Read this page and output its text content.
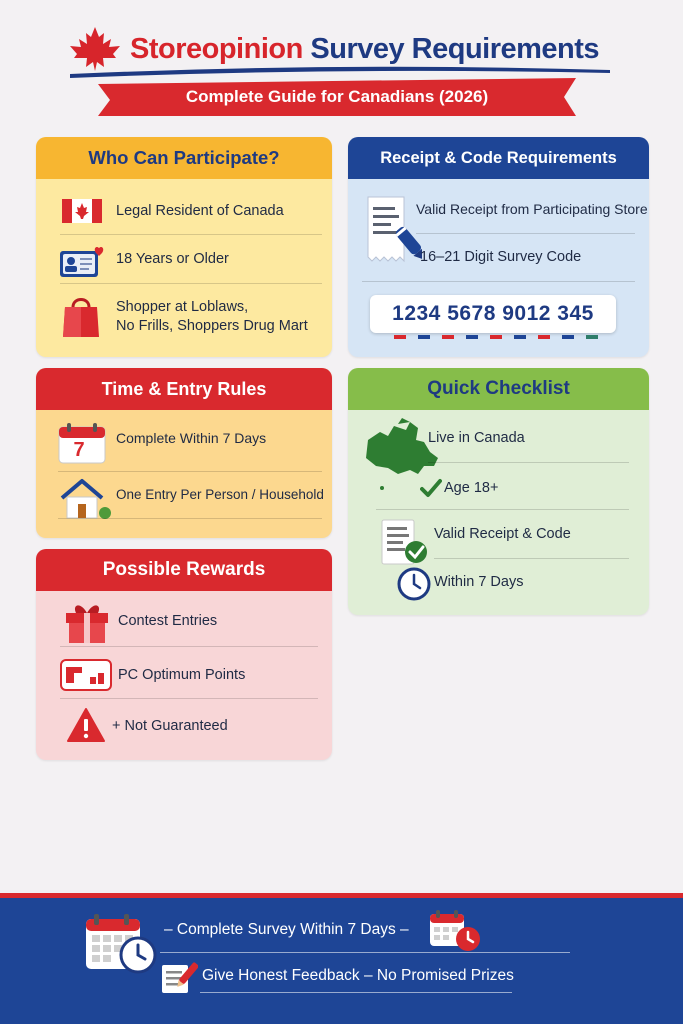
Storeopinion Survey Requirements
Complete Guide for Canadians (2026)
Who Can Participate?
Legal Resident of Canada
18 Years or Older
Shopper at Loblaws,
No Frills, Shoppers Drug Mart
Receipt & Code Requirements
Valid Receipt from Participating Store
16–21 Digit Survey Code
1234 5678 9012 345
Time & Entry Rules
7
Complete Within 7 Days
One Entry Per Person / Household
Quick Checklist
Live in Canada
Age 18+
Valid Receipt & Code
Within 7 Days
Possible Rewards
Contest Entries
PC Optimum Points
+ Not Guaranteed
– Complete Survey Within 7 Days –
Give Honest Feedback – No Promised Prizes
